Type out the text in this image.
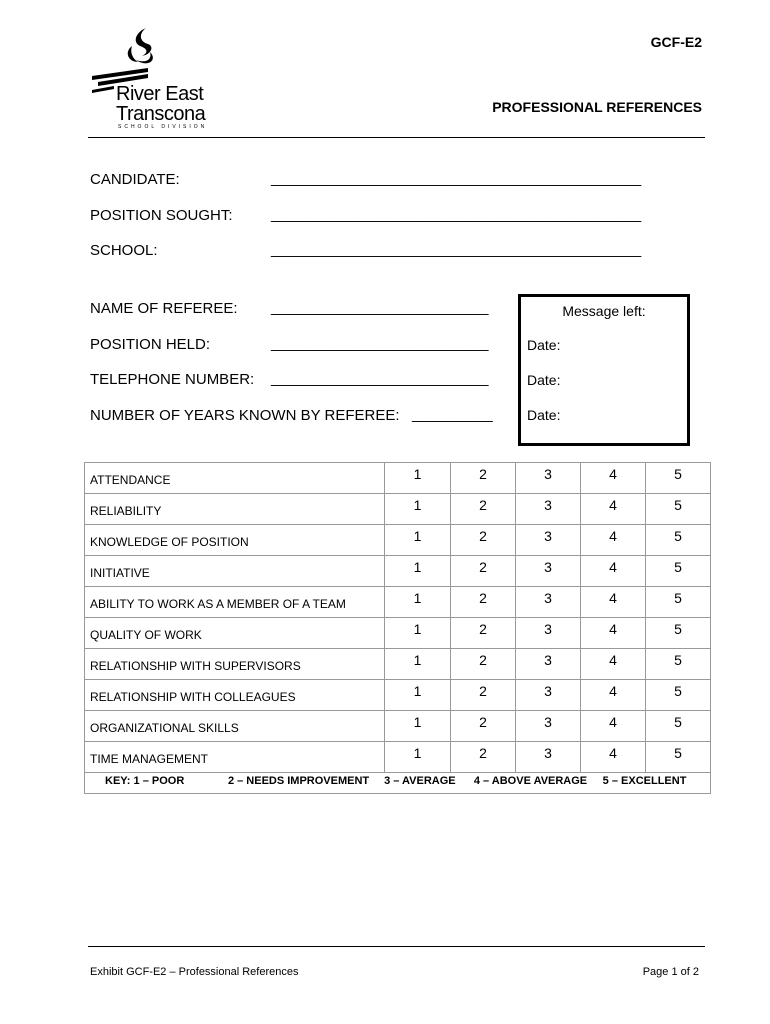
River East
Transcona
SCHOOL DIVISION
GCF-E2
PROFESSIONAL REFERENCES
CANDIDATE:	______________________________________________
POSITION SOUGHT:	______________________________________________
SCHOOL:	______________________________________________
NAME OF REFEREE: ___________________________
POSITION HELD:	___________________________
TELEPHONE NUMBER: ___________________________
NUMBER OF YEARS KNOWN BY REFEREE: __________
Message left:
Date:
Date:
Date:
ATTENDANCE	1	2	3	4	5
RELIABILITY	1	2	3	4	5
KNOWLEDGE OF POSITION	1	2	3	4	5
INITIATIVE	1	2	3	4	5
ABILITY TO WORK AS A MEMBER OF A TEAM	1	2	3	4	5
QUALITY OF WORK	1	2	3	4	5
RELATIONSHIP WITH SUPERVISORS	1	2	3	4	5
RELATIONSHIP WITH COLLEAGUES	1	2	3	4	5
ORGANIZATIONAL SKILLS	1	2	3	4	5
TIME MANAGEMENT	1	2	3	4	5

KEY: 1 – POOR 2 – NEEDS IMPROVEMENT 3 – AVERAGE 4 – ABOVE AVERAGE 5 – EXCELLENT					
Exhibit GCF-E2 – Professional References	Page 1 of 2
